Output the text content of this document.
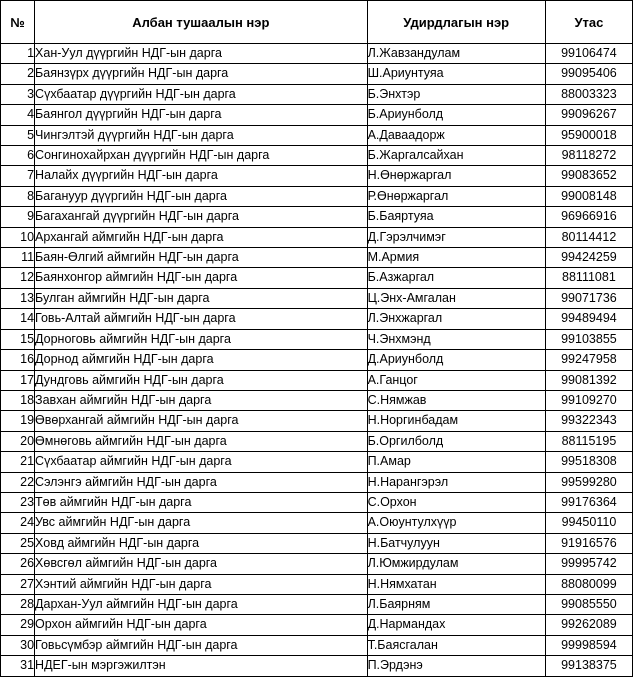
№	Албан тушаалын нэр	Удирдлагын нэр	Утас
1	Хан-Уул дүүргийн НДГ-ын дарга	Л.Жавзандулам	99106474
2	Баянзүрх дүүргийн НДГ-ын дарга	Ш.Ариунтуяа	99095406
3	Сүхбаатар дүүргийн НДГ-ын дарга	Б.Энхтэр	88003323
4	Баянгол дүүргийн НДГ-ын дарга	Б.Ариунболд	99096267
5	Чингэлтэй дүүргийн НДГ-ын дарга	А.Даваадорж	95900018
6	Сонгинохайрхан дүүргийн НДГ-ын дарга	Б.Жаргалсайхан	98118272
7	Налайх дүүргийн НДГ-ын дарга	Н.Өнөржаргал	99083652
8	Багануур дүүргийн НДГ-ын дарга	Р.Өнөржаргал	99008148
9	Багахангай дүүргийн НДГ-ын дарга	Б.Баяртуяа	96966916
10	Архангай аймгийн НДГ-ын дарга	Д.Гэрэлчимэг	80114412
11	Баян-Өлгий аймгийн НДГ-ын дарга	М.Армия	99424259
12	Баянхонгор аймгийн НДГ-ын дарга	Б.Азжаргал	88111081
13	Булган аймгийн НДГ-ын дарга	Ц.Энх-Амгалан	99071736
14	Говь-Алтай аймгийн НДГ-ын дарга	Л.Энхжаргал	99489494
15	Дорноговь аймгийн НДГ-ын дарга	Ч.Энхмэнд	99103855
16	Дорнод аймгийн НДГ-ын дарга	Д.Ариунболд	99247958
17	Дундговь аймгийн НДГ-ын дарга	А.Ганцог	99081392
18	Завхан аймгийн НДГ-ын дарга	С.Нямжав	99109270
19	Өвөрхангай аймгийн НДГ-ын дарга	Н.Норгинбадам	99322343
20	Өмнөговь аймгийн НДГ-ын дарга	Б.Оргилболд	88115195
21	Сүхбаатар аймгийн НДГ-ын дарга	П.Амар	99518308
22	Сэлэнгэ аймгийн НДГ-ын дарга	Н.Нарангэрэл	99599280
23	Төв аймгийн НДГ-ын дарга	С.Орхон	99176364
24	Увс аймгийн НДГ-ын дарга	А.Оюунтулхүүр	99450110
25	Ховд аймгийн НДГ-ын дарга	Н.Батчулуун	91916576
26	Хөвсгөл аймгийн НДГ-ын дарга	Л.Юмжирдулам	99995742
27	Хэнтий аймгийн НДГ-ын дарга	Н.Нямхатан	88080099
28	Дархан-Уул аймгийн НДГ-ын дарга	Л.Баярням	99085550
29	Орхон аймгийн НДГ-ын дарга	Д.Нармандах	99262089
30	Говьсүмбэр аймгийн НДГ-ын дарга	Т.Баясгалан	99998594
31	НДЕГ-ын мэргэжилтэн	П.Эрдэнэ	99138375
